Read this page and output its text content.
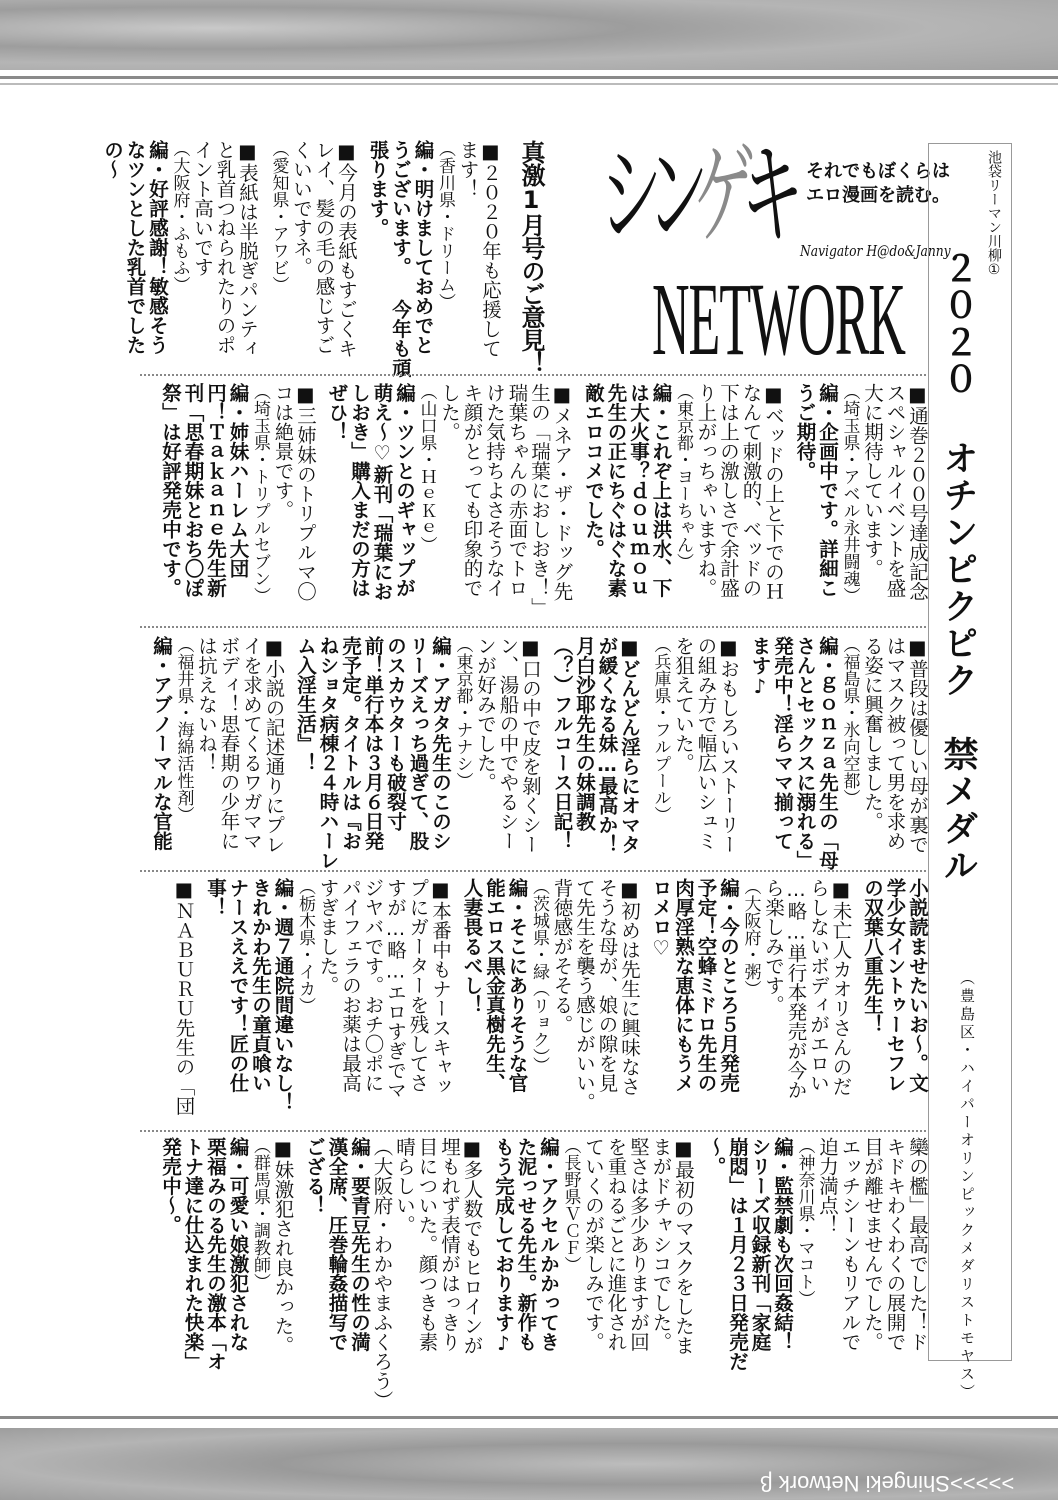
シンゲキ それでもぼくらは
エロ漫画を読む。
Navigator H@do&Janny
NETWORK
池袋リーマン川柳①
２０２０ オチンピクピク　禁メダル
（豊島区・ハイパーオリンピックメダリストモヤス）
真激1月号のご意見！
■２０２０年も応援して
ます！
（香川県・ドリーム）
編・明けましておめでと
うございます。 今年も頑
張ります。
■今月の表紙もすごくキ
レイ、髪の毛の感じすご
くいいですネ。
（愛知県・アワビ）
■表紙は半脱ぎパンティ
と乳首つねられたりのポ
イント高いです
（大阪府・ふもふ）
編・好評感謝！敏感そう
なツンとした乳首でした
の～
■通巻２００号達成記念
スペシャルイベントを盛
大に期待しています。
（埼玉県・アベル永井闘魂）
編・企画中です。詳細こ
うご期待。
■ベッドの上と下でのＨ
なんて刺激的、ベッドの
下は上の激しさで余計盛
り上がっちゃいますね。
（東京都・ヨーちゃん）
編・これぞ上は洪水、下
は大火事？ｄｏｕｍｏｕ
先生の正にちぐはぐな素
敵エロコメでした。
■メネア・ザ・ドッグ先
生の「瑞葉におしおき！」
瑞葉ちゃんの赤面でトロ
けた気持ちよさそうなイ
キ顔がとっても印象的で
した。
（山口県・ＨｅＫｅ）
編・ツンとのギャップが
萌え～♡新刊「瑞葉にお
しおき」購入まだの方は
ぜひ！
■三姉妹のトリプルマ〇
コは絶景です。
（埼玉県・トリプルセブン）
編・姉妹ハーレム大団
円！Ｔａｋａｎｅ先生新
刊「思春期妹とおち〇ぽ
祭」は好評発売中です。
■普段は優しい母が裏で
はマスク被って男を求め
る姿に興奮しました。
（福島県・氷向空都）
編・ｇｏｎｚａ先生の「母
さんとセックスに溺れる」
発売中！淫らママ揃って
ます♪
■おもしろいストーリー
の組み方で幅広いシュミ
を狙えていた。
（兵庫県・フルプール）
■どんどん淫らにオマタ
が緩くなる妹…最高か！
月白沙耶先生の妹調教
（？）フルコース日記！
■口の中で皮を剝くシー
ン、湯船の中でやるシー
ンが好みでした。
（東京都・ナナシ）
編・アガタ先生のこのシ
リーズえっち過ぎて、股
のスカウターも破裂寸
前！単行本は３月６日発
売予定。タイトルは『お
ねショタ病棟２４時ハーレ
ム入淫生活』！
■小説の記述通りにプレ
イを求めてくるワガママ
ボディ！思春期の少年に
は抗えないね！
（福井県・海綿活性剤）
編・アブノーマルな官能
小説読ませたいお～。文
学少女イントゥーセフレ
の双葉八重先生！
■未亡人カオリさんのだ
らしないボディがエロい
…略…単行本発売が今か
ら楽しみです。
（大阪府・粥）
編・今のところ５月発売
予定！空蜂ミドロ先生の
肉厚淫熟な恵体にもうメ
ロメロ♡
■初めは先生に興味なさ
そうな母が、娘の隙を見
て先生を襲う感じがいい。
背徳感がそそる。
（茨城県・緑（リョク））
編・そこにありそうな官
能エロス黒金真樹先生、
人妻畏るべし！
■本番中もナースキャッ
プにガーターを残してさ
すが…略…エロすぎでマ
ジヤバです。おチ〇ポに
パイフェラのお薬は最高
すぎました。
（栃木県・イカ）
編・週７通院間違いなし！
きれかわ先生の童貞喰い
ナースええです！匠の仕
事！
■ＮＡＢＵＲＵ先生の「団
欒の檻」最高でした！ド
キドキわくわくの展開で
目が離せませんでした。
エッチシーンもリアルで
迫力満点！
（神奈川県・マコト）
編・監禁劇も次回姦結！
シリーズ収録新刊「家庭
崩悶」は１月２３日発売だ
～。
■最初のマスクをしたま
まがドチャシコでした。
堅さは多少ありますが回
を重ねるごとに進化され
ていくのが楽しみです。
（長野県ＶＣＦ）
編・アクセルかかってき
た泥っせる先生。新作も
もう完成しております♪
■多人数でもヒロインが
埋もれず表情がはっきり
目についた。顔つきも素
晴らしい。
（大阪府・わかやまふくろう）
編・要青豆先生の性の満
漢全席、圧巻輪姦描写で
ござる！
■妹激犯され良かった。
（群馬県・調教師）
編・可愛い娘激犯されな
栗福みのる先生の激本「オ
トナ達に仕込まれた快楽」
発売中～。
>>>>>Shingeki Network β
